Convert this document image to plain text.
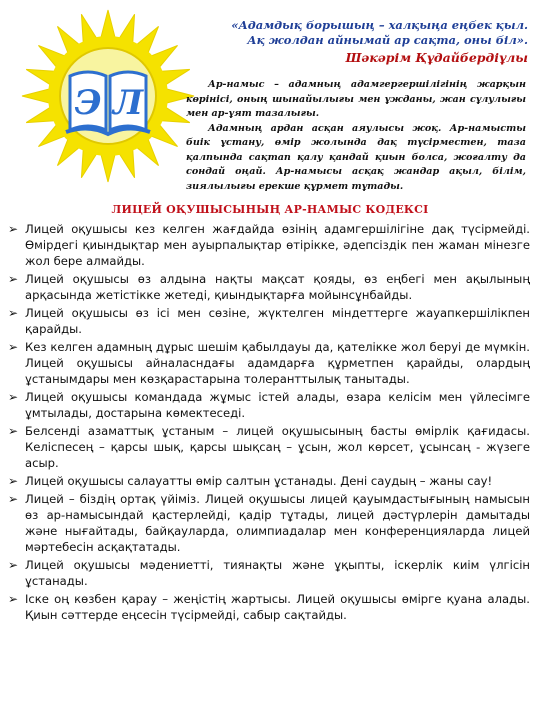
Э Л
«Адамдық борышың – халқыңа еңбек қыл.
Ақ жолдан айнымай ар сақта, оны біл».
Шәкәрім Құдайбердіұлы

Ар-намыс – адамның адамгергершілігінің жарқын көрінісі, оның шынайылығы мен ұжданы, жан сұлулығы мен ар-ұят тазалығы.

Адамның ардан асқан аяулысы жоқ. Ар-намысты биік ұстану, өмір жолында дақ түсірместен, таза қалпында сақтап қалу қандай қиын болса, жоғалту да сондай оңай. Ар-намысы асқақ жандар ақыл, білім, зиялылығы ерекше құрмет тұтады.

ЛИЦЕЙ ОҚУШЫСЫНЫҢ АР-НАМЫС КОДЕКСІ
➢ Лицей оқушысы кез келген жағдайда өзінің адамгершілігіне дақ түсірмейді. Өмірдегі қиындықтар мен ауырпалықтар өтірікке, әдепсіздік пен жаман мінезге жол бере алмайды.
➢ Лицей оқушысы өз алдына нақты мақсат қояды, өз еңбегі мен ақылының арқасында жетістікке жетеді, қиындықтарға мойынсұнбайды.
➢ Лицей оқушысы өз ісі мен сөзіне, жүктелген міндеттерге жауапкершілікпен қарайды.
➢ Кез келген адамның дұрыс шешім қабылдауы да, қателікке жол беруі де мүмкін. Лицей оқушысы айналасндағы адамдарға құрметпен қарайды, олардың ұстанымдары мен көзқарастарына толеранттылық танытады.
➢ Лицей оқушысы командада жұмыс істей алады, өзара келісім мен үйлесімге ұмтылады, достарына көмектеседі.
➢ Белсенді азаматтық ұстаным – лицей оқушысының басты өмірлік қағидасы. Келіспесең – қарсы шық, қарсы шықсаң – ұсын, жол көрсет, ұсынсаң - жүзеге асыр.
➢ Лицей оқушысы салауатты өмір салтын ұстанады. Дені саудың – жаны сау!
➢ Лицей – біздің ортақ үйіміз. Лицей оқушысы лицей қауымдастығының намысын өз ар-намысындай қастерлейді, қадір тұтады, лицей дәстүрлерін дамытады және нығайтады, байқауларда, олимпиадалар мен конференцияларда лицей мәртебесін асқақтатады.
➢ Лицей оқушысы мәдениетті, тиянақты және ұқыпты, іскерлік киім үлгісін ұстанады.
➢ Іске оң көзбен қарау – жеңістің жартысы. Лицей оқушысы өмірге қуана алады. Қиын сәттерде еңсесін түсірмейді, сабыр сақтайды.
